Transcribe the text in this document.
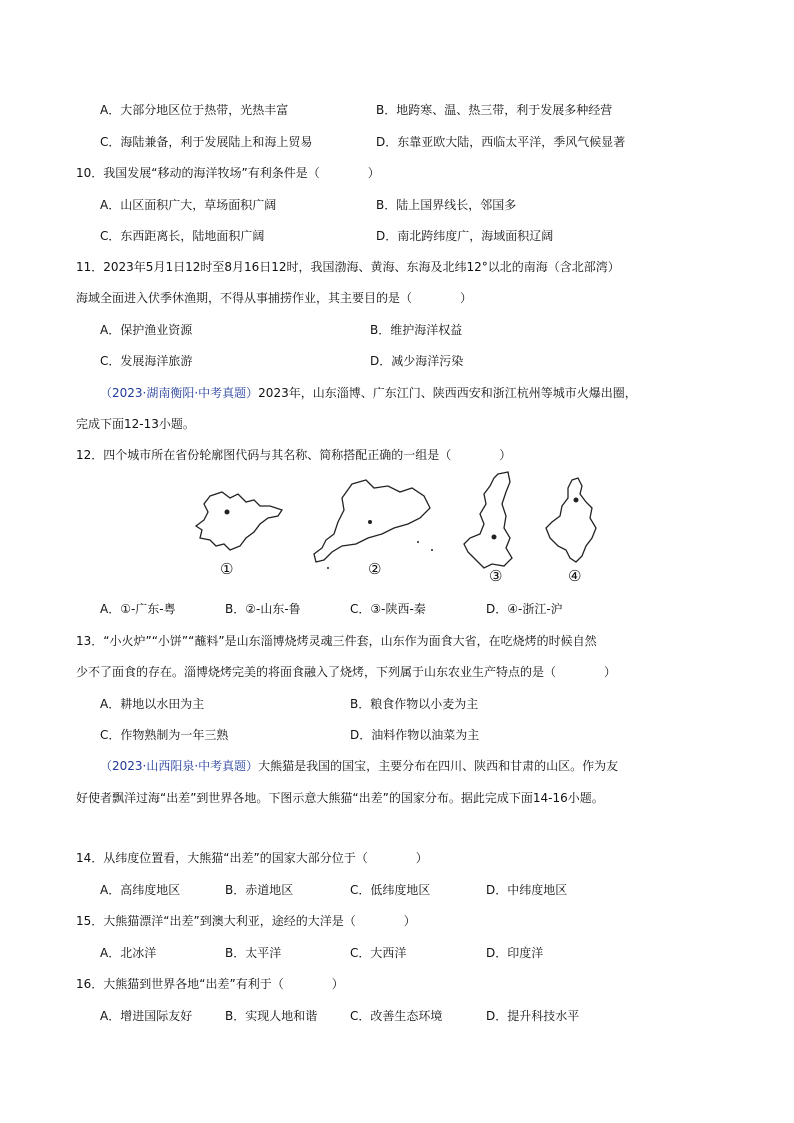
A．大部分地区位于热带，光热丰富	B．地跨寒、温、热三带，利于发展多种经营
C．海陆兼备，利于发展陆上和海上贸易	D．东靠亚欧大陆，西临太平洋，季风气候显著
10．我国发展“移动的海洋牧场”有利条件是（　　　　）
A．山区面积广大，草场面积广阔	B．陆上国界线长，邻国多
C．东西距离长，陆地面积广阔	D．南北跨纬度广，海域面积辽阔
11．2023年5月1日12时至8月16日12时，我国渤海、黄海、东海及北纬12°以北的南海（含北部湾）
海域全面进入伏季休渔期，不得从事捕捞作业，其主要目的是（　　　　）
A．保护渔业资源	B．维护海洋权益
C．发展海洋旅游	D．减少海洋污染
（2023·湖南衡阳·中考真题）2023年，山东淄博、广东江门、陕西西安和浙江杭州等城市火爆出圈，
完成下面12-13小题。
12．四个城市所在省份轮廓图代码与其名称、简称搭配正确的一组是（　　　　）
①	②	③	④
A．①-广东-粤	B．②-山东-鲁	C．③-陕西-秦	D．④-浙江-沪
13．“小火炉”“小饼”“蘸料”是山东淄博烧烤灵魂三件套，山东作为面食大省，在吃烧烤的时候自然
少不了面食的存在。淄博烧烤完美的将面食融入了烧烤，下列属于山东农业生产特点的是（　　　　）
A．耕地以水田为主	B．粮食作物以小麦为主
C．作物熟制为一年三熟	D．油料作物以油菜为主
（2023·山西阳泉·中考真题）大熊猫是我国的国宝，主要分布在四川、陕西和甘肃的山区。作为友
好使者飘洋过海“出差”到世界各地。下图示意大熊猫“出差”的国家分布。据此完成下面14-16小题。
14．从纬度位置看，大熊猫“出差”的国家大部分位于（　　　　）
A．高纬度地区	B．赤道地区	C．低纬度地区	D．中纬度地区
15．大熊猫漂洋“出差”到澳大利亚，途经的大洋是（　　　　）
A．北冰洋	B．太平洋	C．大西洋	D．印度洋
16．大熊猫到世界各地“出差”有利于（　　　　）
A．增进国际友好	B．实现人地和谐	C．改善生态环境	D．提升科技水平
